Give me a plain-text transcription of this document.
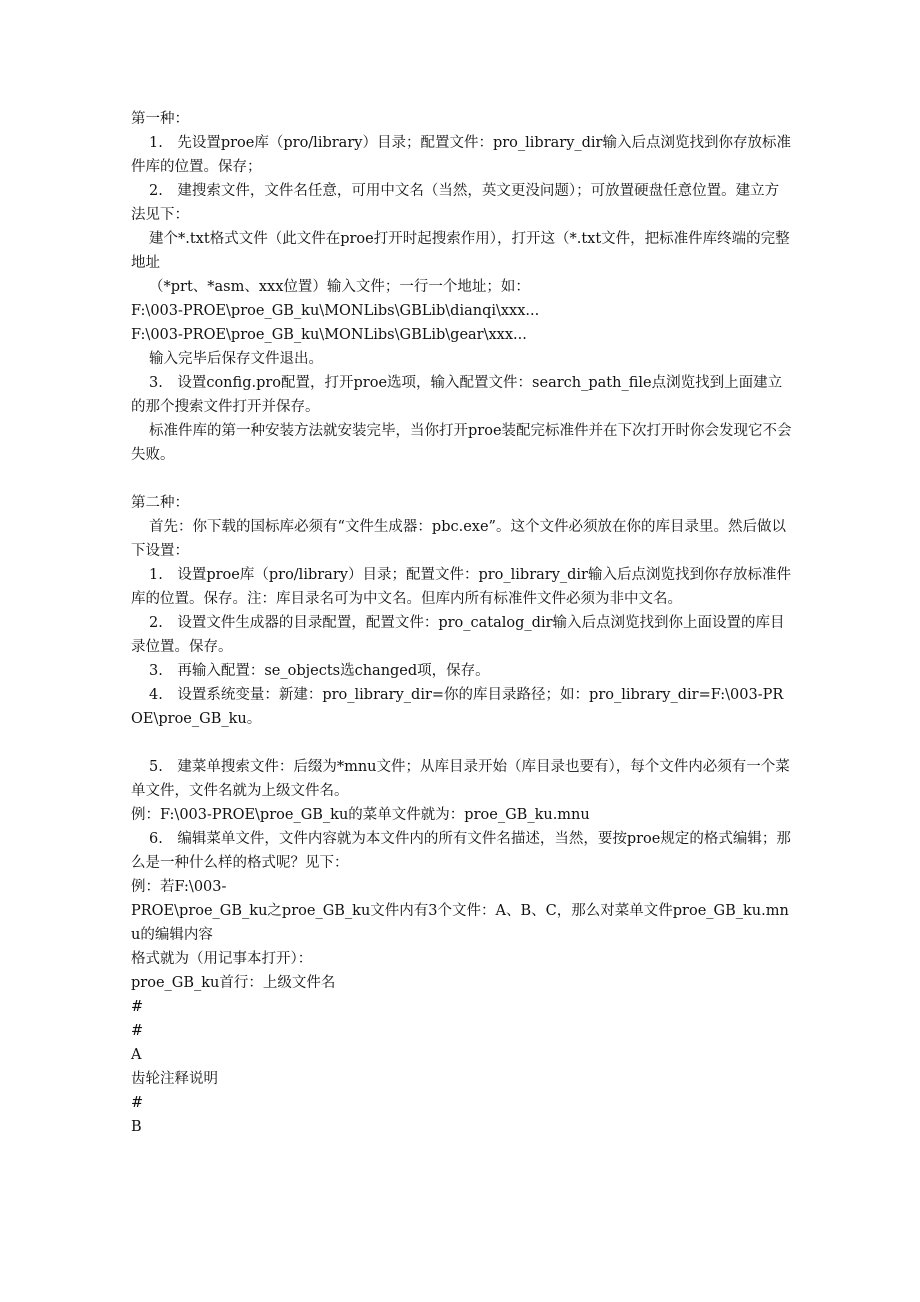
第一种：

1.　先设置proe库（pro/library）目录；配置文件：pro_library_dir输入后点浏览找到你存放标准件库的位置。保存；

2.　建搜索文件，文件名任意，可用中文名（当然，英文更没问题）；可放置硬盘任意位置。建立方法见下：

建个*.txt格式文件（此文件在proe打开时起搜索作用），打开这（*.txt文件，把标准件库终端的完整地址

（*prt、*asm、xxx位置）输入文件；一行一个地址；如：

F:\003-PROE\proe_GB_ku\MONLibs\GBLib\dianqi\xxx...

F:\003-PROE\proe_GB_ku\MONLibs\GBLib\gear\xxx...

输入完毕后保存文件退出。

3.　设置config.pro配置，打开proe选项，输入配置文件：search_path_file点浏览找到上面建立的那个搜索文件打开并保存。

标准件库的第一种安装方法就安装完毕，当你打开proe装配完标准件并在下次打开时你会发现它不会失败。

第二种：

首先：你下载的国标库必须有“文件生成器：pbc.exe”。这个文件必须放在你的库目录里。然后做以下设置：

1.　设置proe库（pro/library）目录；配置文件：pro_library_dir输入后点浏览找到你存放标准件库的位置。保存。注：库目录名可为中文名。但库内所有标准件文件必须为非中文名。

2.　设置文件生成器的目录配置，配置文件：pro_catalog_dir输入后点浏览找到你上面设置的库目录位置。保存。

3.　再输入配置：se_objects选changed项，保存。

4.　设置系统变量：新建：pro_library_dir=你的库目录路径；如：pro_library_dir=F:\003-PROE\proe_GB_ku。

5.　建菜单搜索文件：后缀为*mnu文件；从库目录开始（库目录也要有），每个文件内必须有一个菜单文件，文件名就为上级文件名。

例：F:\003-PROE\proe_GB_ku的菜单文件就为：proe_GB_ku.mnu

6.　编辑菜单文件，文件内容就为本文件内的所有文件名描述，当然，要按proe规定的格式编辑；那么是一种什么样的格式呢？见下：

例：若F:\003-

PROE\proe_GB_ku之proe_GB_ku文件内有3个文件：A、B、C，那么对菜单文件proe_GB_ku.mnu的编辑内容

格式就为（用记事本打开）：

proe_GB_ku首行：上级文件名

#

#

A

齿轮注释说明

#

B
